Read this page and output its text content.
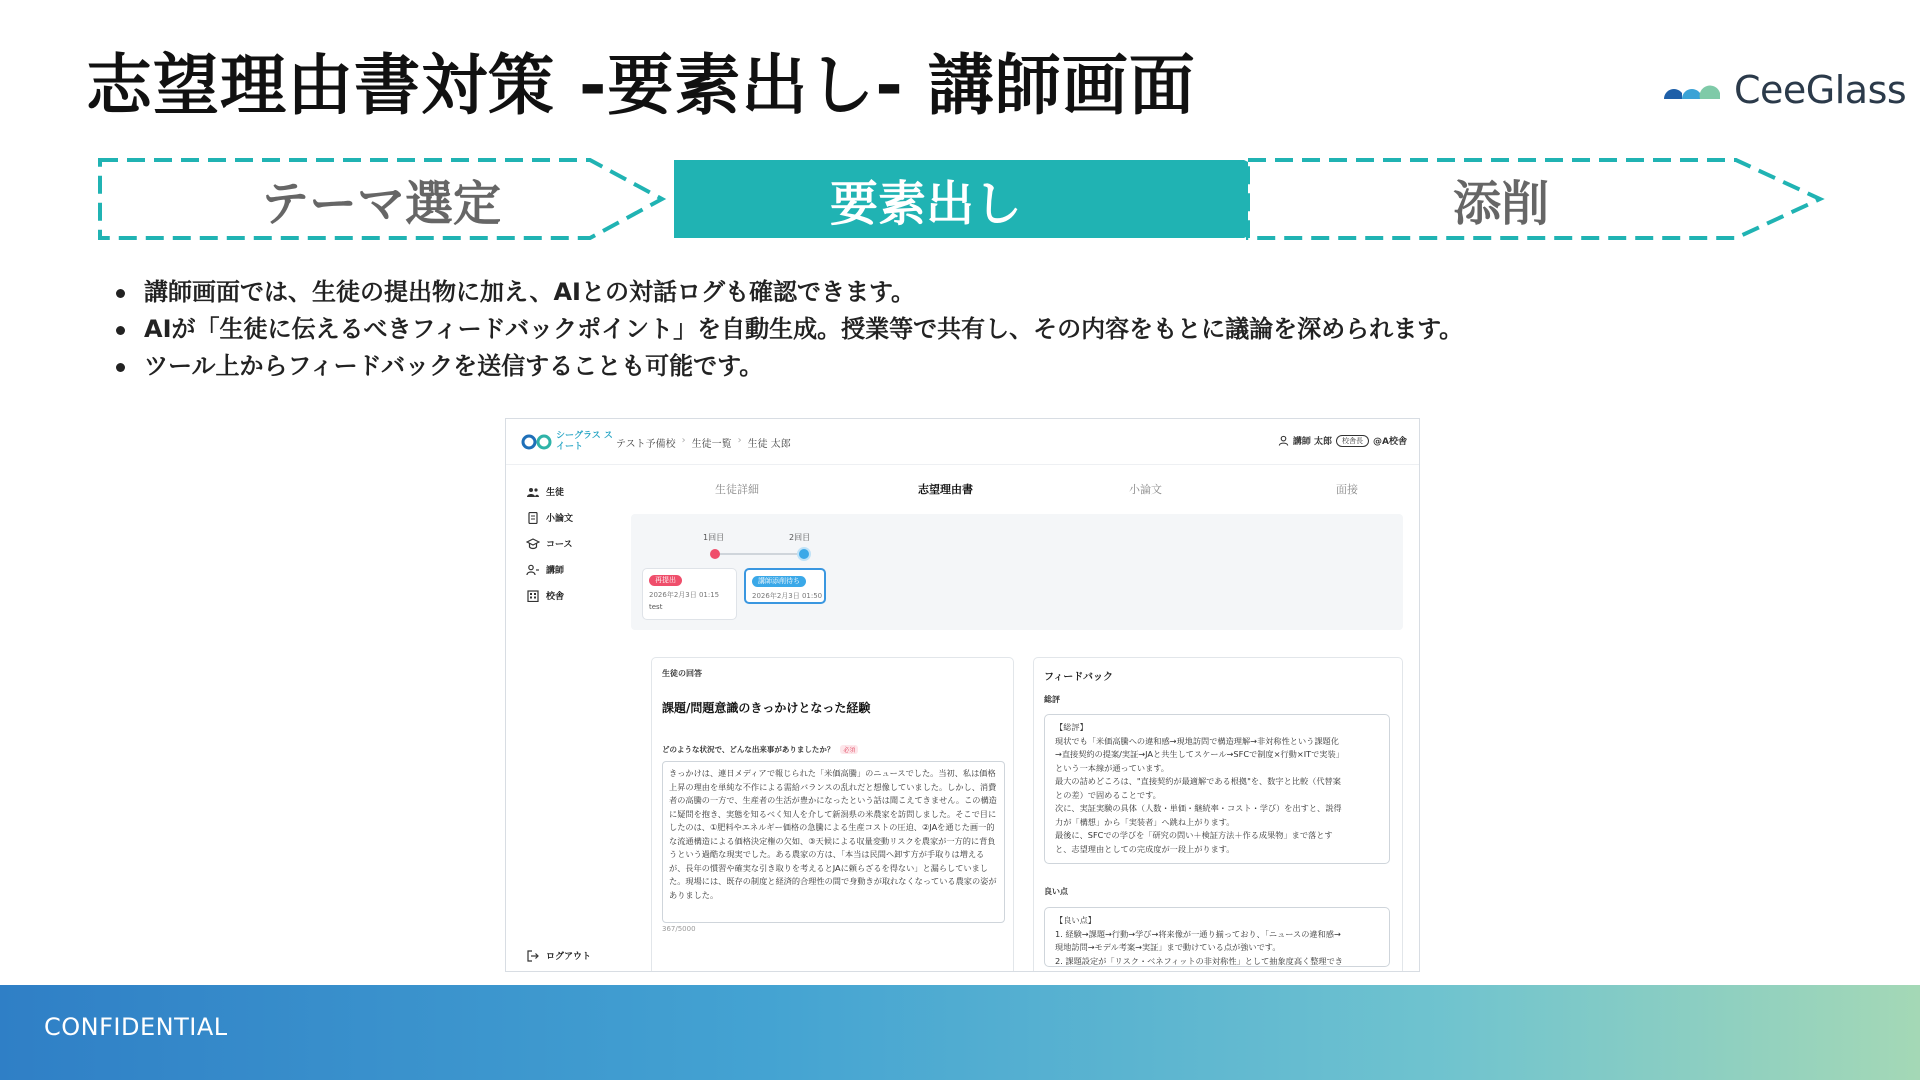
志望理由書対策 -要素出し- 講師画面	CeeGlass
テーマ選定	要素出し	添削
講師画面では、生徒の提出物に加え、AIとの対話ログも確認できます。
AIが「生徒に伝えるべきフィードバックポイント」を自動生成。授業等で共有し、その内容をもとに議論を深められます。
ツール上からフィードバックを送信することも可能です。
シーグラス スイート	テスト予備校 › 生徒一覧 › 生徒 太郎	講師 太郎	校舎長	@A校舎
生徒
小論文
コース
講師
校舎
生徒詳細	志望理由書	小論文	面接
1回目	2回目
再提出
2026年2月3日 01:15
test
講師添削待ち
2026年2月3日 01:50
生徒の回答
課題/問題意識のきっかけとなった経験
どのような状況で、どんな出来事がありましたか？	必須
きっかけは、連日メディアで報じられた「米価高騰」のニュースでした。当初、私は価格上昇の理由を単純な不作による需給バランスの乱れだと想像していました。しかし、消費者の高騰の一方で、生産者の生活が豊かになったという話は聞こえてきません。この構造に疑問を抱き、実態を知るべく知人を介して新潟県の米農家を訪問しました。そこで目にしたのは、①肥料やエネルギー価格の急騰による生産コストの圧迫、②JAを通じた画一的な流通構造による価格決定権の欠如、③天候による収量変動リスクを農家が一方的に背負うという過酷な現実でした。ある農家の方は、「本当は民間へ卸す方が手取りは増えるが、長年の慣習や確実な引き取りを考えるとJAに頼らざるを得ない」と漏らしていました。現場には、既存の制度と経済的合理性の間で身動きが取れなくなっている農家の姿がありました。
367/5000
フィードバック
総評
【総評】
現状でも「米価高騰への違和感→現地訪問で構造理解→非対称性という課題化
→直接契約の提案/実証→JAと共生してスケール→SFCで制度×行動×ITで実装」
という一本線が通っています。
最大の詰めどころは、"直接契約が最適解である根拠"を、数字と比較（代替案
との差）で固めることです。
次に、実証実験の具体（人数・単価・継続率・コスト・学び）を出すと、説得
力が「構想」から「実装者」へ跳ね上がります。
最後に、SFCでの学びを「研究の問い＋検証方法＋作る成果物」まで落とす
と、志望理由としての完成度が一段上がります。
良い点
【良い点】
1. 経験→課題→行動→学び→将来像が一通り揃っており、「ニュースの違和感→
現地訪問→モデル考案→実証」まで動けている点が強いです。
2. 課題設定が「リスク・ベネフィットの非対称性」として抽象度高く整理でき
ログアウト
CONFIDENTIAL
